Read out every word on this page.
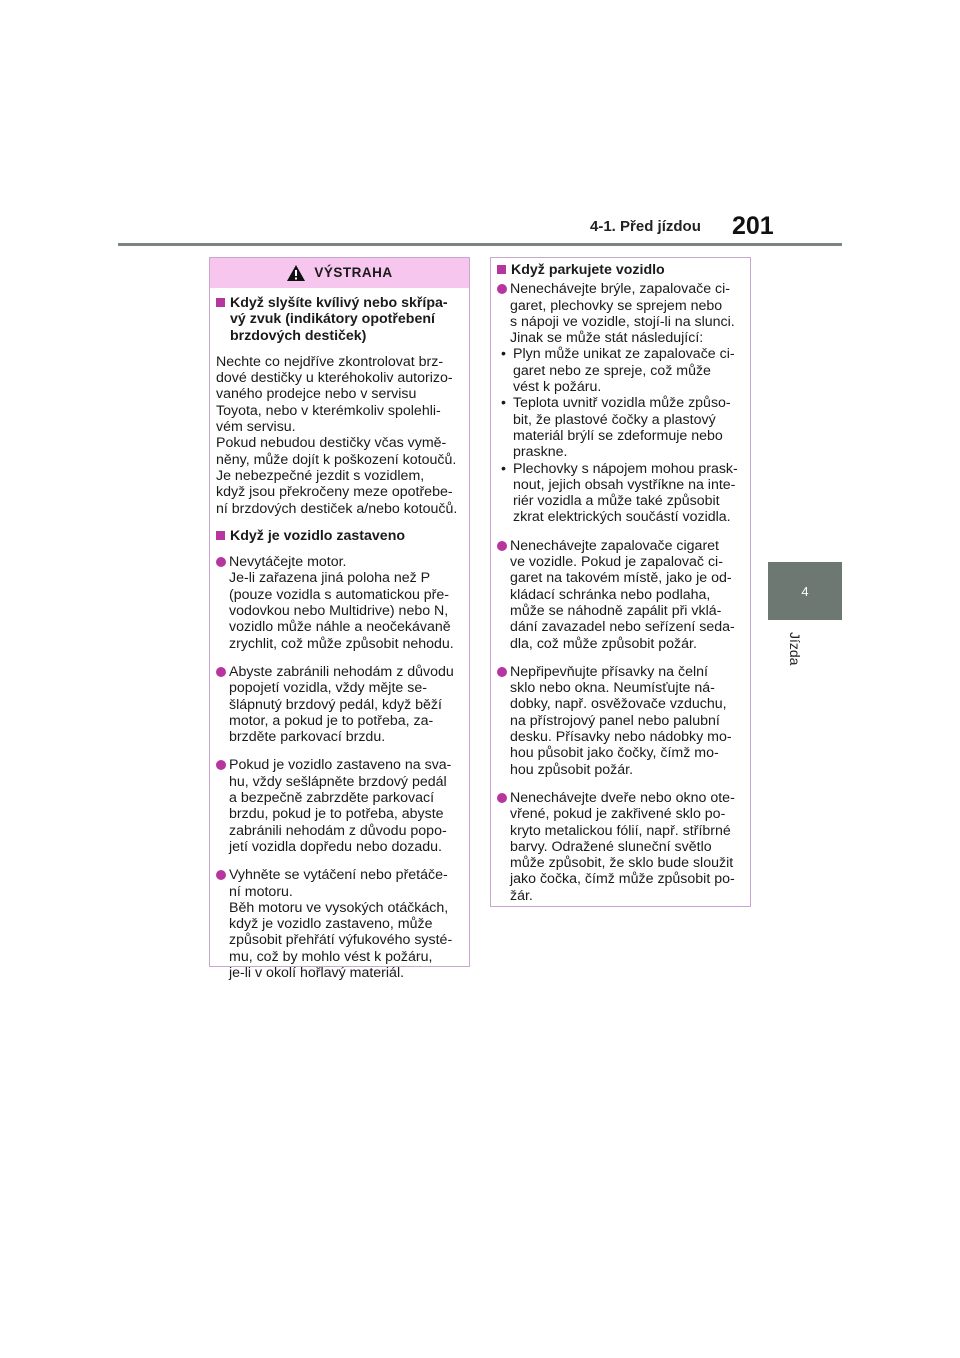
4-1. Před jízdou 201
4
Jízda
VÝSTRAHA
Když slyšíte kvílivý nebo skřípa-
vý zvuk (indikátory opotřebení
brzdových destiček)
Nechte co nejdříve zkontrolovat brz-
dové destičky u kteréhokoliv autorizo-
vaného prodejce nebo v servisu
Toyota, nebo v kterémkoliv spolehli-
vém servisu.
Pokud nebudou destičky včas vymě-
něny, může dojít k poškození kotoučů.
Je nebezpečné jezdit s vozidlem,
když jsou překročeny meze opotřebe-
ní brzdových destiček a/nebo kotoučů.
Když je vozidlo zastaveno
Nevytáčejte motor.
Je-li zařazena jiná poloha než P
(pouze vozidla s automatickou pře-
vodovkou nebo Multidrive) nebo N,
vozidlo může náhle a neočekávaně
zrychlit, což může způsobit nehodu.
Abyste zabránili nehodám z důvodu
popojetí vozidla, vždy mějte se-
šlápnutý brzdový pedál, když běží
motor, a pokud je to potřeba, za-
brzděte parkovací brzdu.
Pokud je vozidlo zastaveno na sva-
hu, vždy sešlápněte brzdový pedál
a bezpečně zabrzděte parkovací
brzdu, pokud je to potřeba, abyste
zabránili nehodám z důvodu popo-
jetí vozidla dopředu nebo dozadu.
Vyhněte se vytáčení nebo přetáče-
ní motoru.
Běh motoru ve vysokých otáčkách,
když je vozidlo zastaveno, může
způsobit přehřátí výfukového systé-
mu, což by mohlo vést k požáru,
je-li v okolí hořlavý materiál.
Když parkujete vozidlo
Nenechávejte brýle, zapalovače ci-
garet, plechovky se sprejem nebo
s nápoji ve vozidle, stojí-li na slunci.
Jinak se může stát následující:
• Plyn může unikat ze zapalovače ci-
garet nebo ze spreje, což může
vést k požáru.
• Teplota uvnitř vozidla může způso-
bit, že plastové čočky a plastový
materiál brýlí se zdeformuje nebo
praskne.
• Plechovky s nápojem mohou prask-
nout, jejich obsah vystříkne na inte-
riér vozidla a může také způsobit
zkrat elektrických součástí vozidla.
Nenechávejte zapalovače cigaret
ve vozidle. Pokud je zapalovač ci-
garet na takovém místě, jako je od-
kládací schránka nebo podlaha,
může se náhodně zapálit při vklá-
dání zavazadel nebo seřízení seda-
dla, což může způsobit požár.
Nepřipevňujte přísavky na čelní
sklo nebo okna. Neumísťujte ná-
dobky, např. osvěžovače vzduchu,
na přístrojový panel nebo palubní
desku. Přísavky nebo nádobky mo-
hou působit jako čočky, čímž mo-
hou způsobit požár.
Nenechávejte dveře nebo okno ote-
vřené, pokud je zakřivené sklo po-
kryto metalickou fólií, např. stříbrné
barvy. Odražené sluneční světlo
může způsobit, že sklo bude sloužit
jako čočka, čímž může způsobit po-
žár.
